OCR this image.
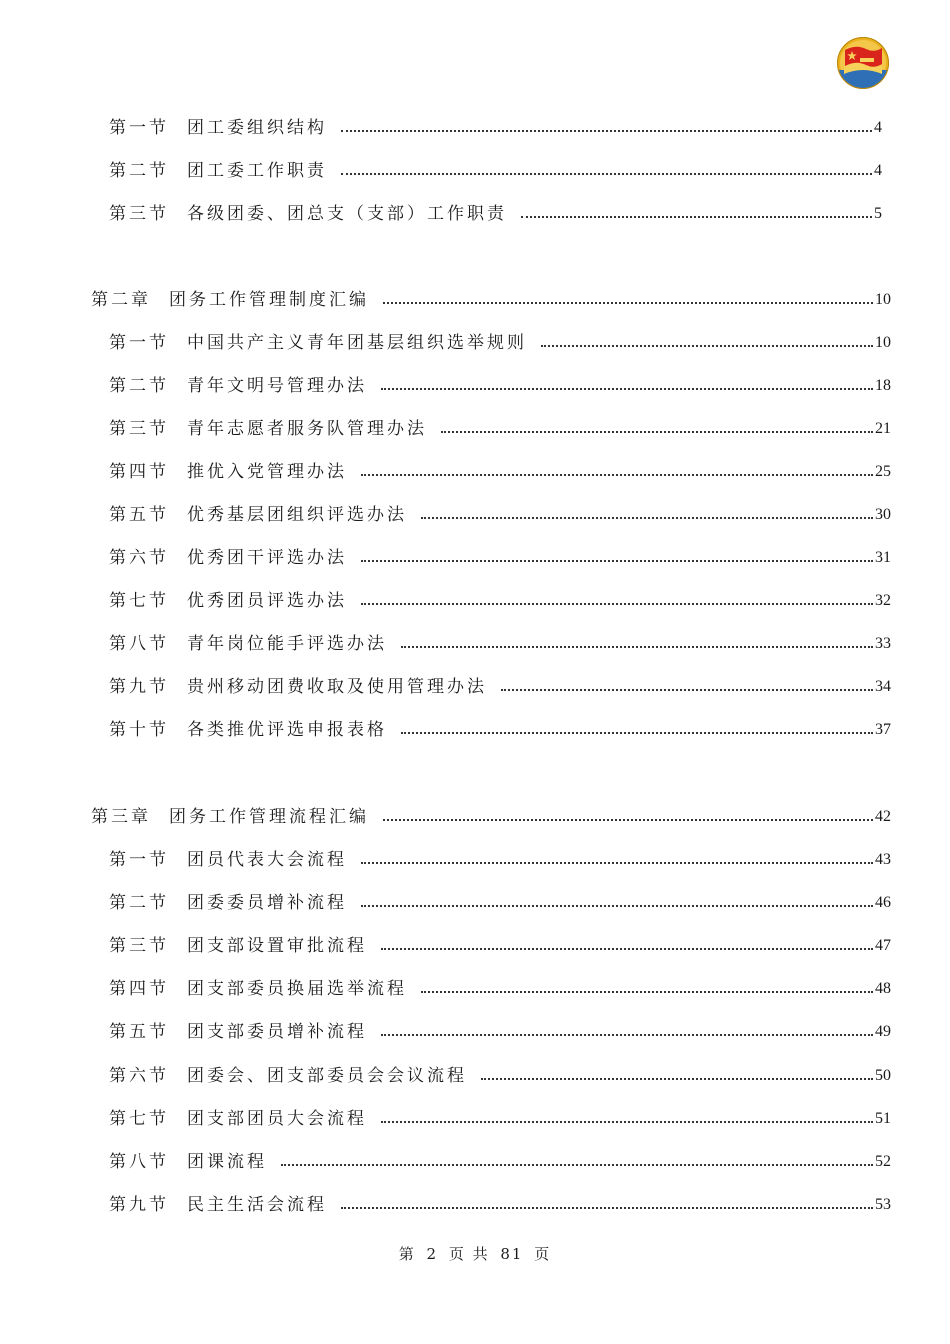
第一节 团工委组织结构	4
第二节 团工委工作职责	4
第三节 各级团委、团总支（支部）工作职责	5
第二章 团务工作管理制度汇编	10
第一节 中国共产主义青年团基层组织选举规则	10
第二节 青年文明号管理办法	18
第三节 青年志愿者服务队管理办法	21
第四节 推优入党管理办法	25
第五节 优秀基层团组织评选办法	30
第六节 优秀团干评选办法	31
第七节 优秀团员评选办法	32
第八节 青年岗位能手评选办法	33
第九节 贵州移动团费收取及使用管理办法	34
第十节 各类推优评选申报表格	37
第三章 团务工作管理流程汇编	42
第一节 团员代表大会流程	43
第二节 团委委员增补流程	46
第三节 团支部设置审批流程	47
第四节 团支部委员换届选举流程	48
第五节 团支部委员增补流程	49
第六节 团委会、团支部委员会会议流程	50
第七节 团支部团员大会流程	51
第八节 团课流程	52
第九节 民主生活会流程	53
第 2 页 共 81 页
